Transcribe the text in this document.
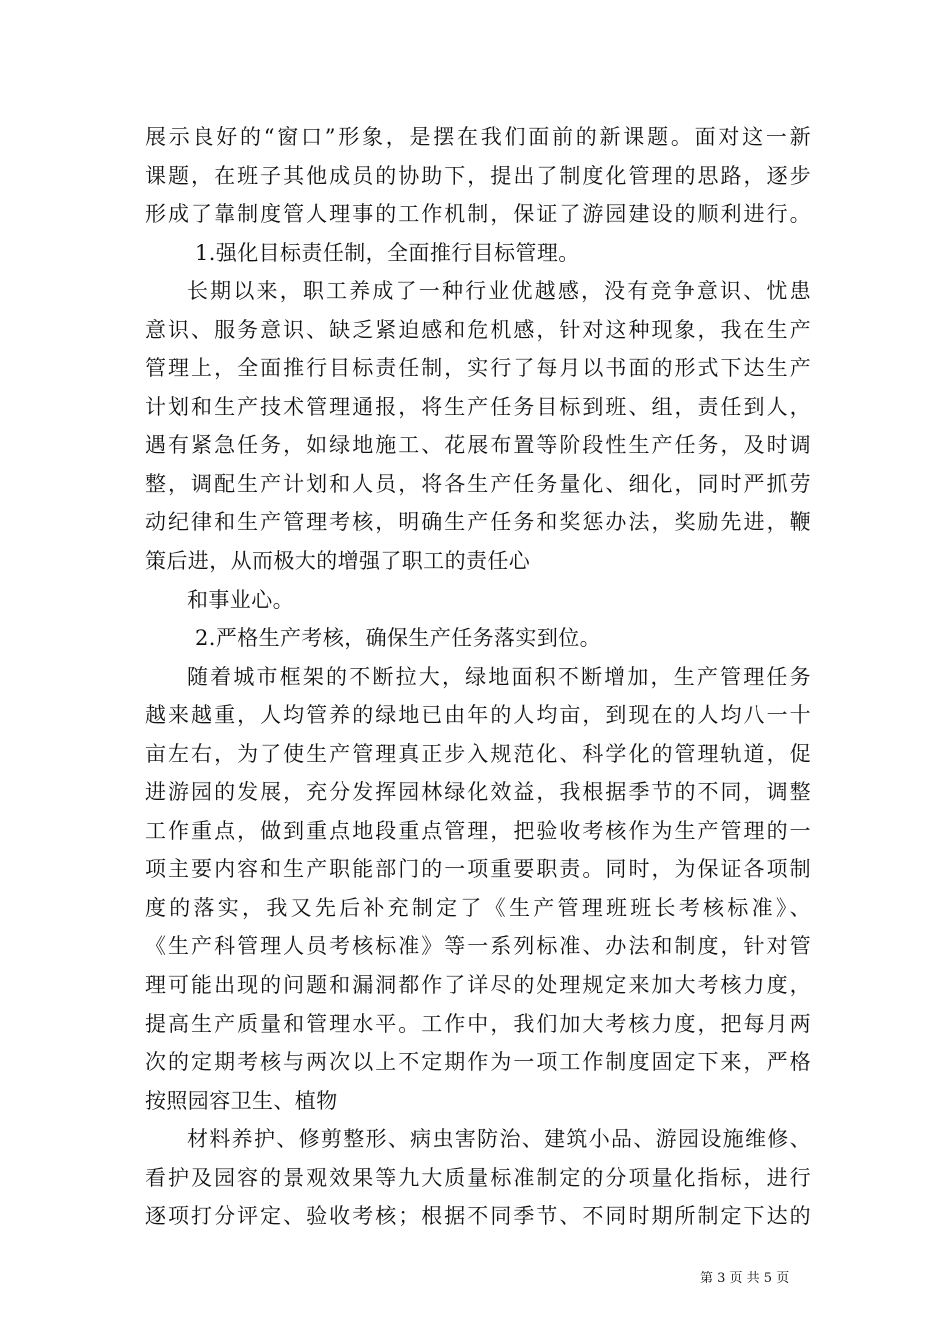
展示良好的“窗口”形象，是摆在我们面前的新课题。面对这一新
课题，在班子其他成员的协助下，提出了制度化管理的思路，逐步
形成了靠制度管人理事的工作机制，保证了游园建设的顺利进行。
1.强化目标责任制，全面推行目标管理。
长期以来，职工养成了一种行业优越感，没有竞争意识、忧患
意识、服务意识、缺乏紧迫感和危机感，针对这种现象，我在生产
管理上，全面推行目标责任制，实行了每月以书面的形式下达生产
计划和生产技术管理通报，将生产任务目标到班、组，责任到人，
遇有紧急任务，如绿地施工、花展布置等阶段性生产任务，及时调
整，调配生产计划和人员，将各生产任务量化、细化，同时严抓劳
动纪律和生产管理考核，明确生产任务和奖惩办法，奖励先进，鞭
策后进，从而极大的增强了职工的责任心
和事业心。
2.严格生产考核，确保生产任务落实到位。
随着城市框架的不断拉大，绿地面积不断增加，生产管理任务
越来越重，人均管养的绿地已由年的人均亩，到现在的人均八一十
亩左右，为了使生产管理真正步入规范化、科学化的管理轨道，促
进游园的发展，充分发挥园林绿化效益，我根据季节的不同，调整
工作重点，做到重点地段重点管理，把验收考核作为生产管理的一
项主要内容和生产职能部门的一项重要职责。同时，为保证各项制
度的落实，我又先后补充制定了《生产管理班班长考核标准》、
《生产科管理人员考核标准》等一系列标准、办法和制度，针对管
理可能出现的问题和漏洞都作了详尽的处理规定来加大考核力度，
提高生产质量和管理水平。工作中，我们加大考核力度，把每月两
次的定期考核与两次以上不定期作为一项工作制度固定下来，严格
按照园容卫生、植物
材料养护、修剪整形、病虫害防治、建筑小品、游园设施维修、
看护及园容的景观效果等九大质量标准制定的分项量化指标，进行
逐项打分评定、验收考核；根据不同季节、不同时期所制定下达的
第 3 页 共 5 页
